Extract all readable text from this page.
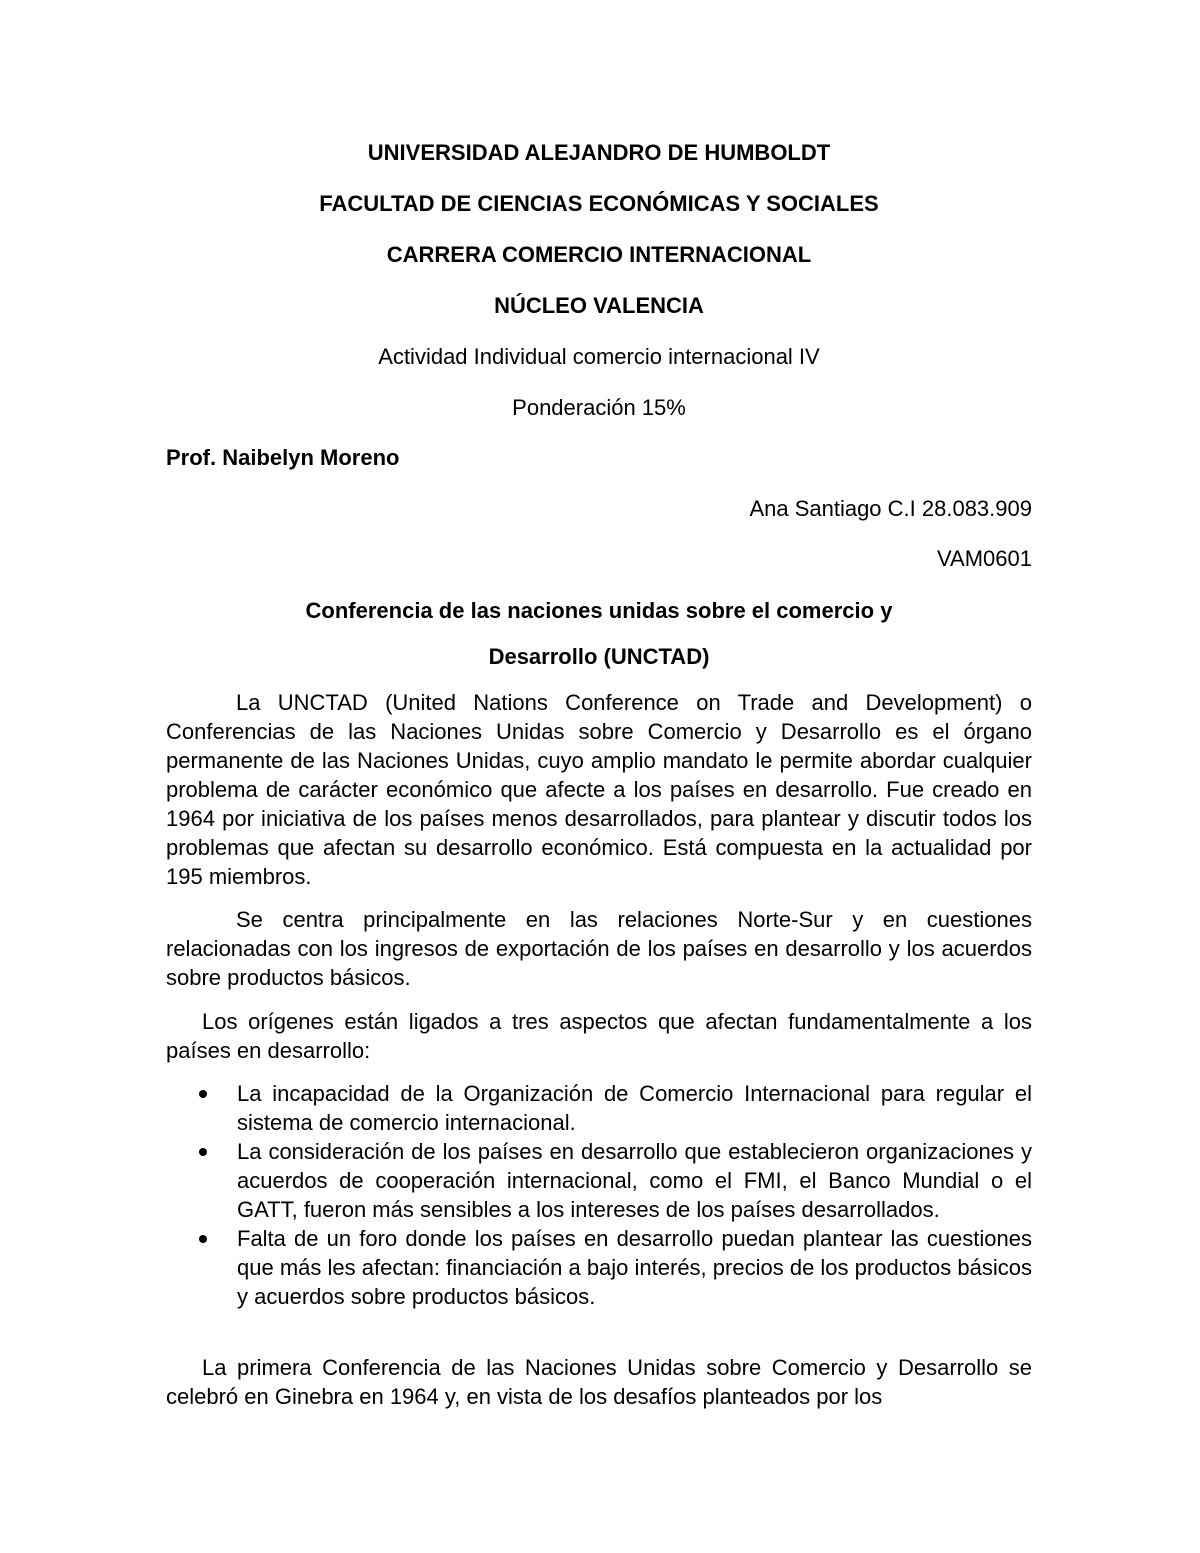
UNIVERSIDAD ALEJANDRO DE HUMBOLDT
FACULTAD DE CIENCIAS ECONÓMICAS Y SOCIALES
CARRERA COMERCIO INTERNACIONAL
NÚCLEO VALENCIA
Actividad Individual comercio internacional IV
Ponderación 15%
Prof. Naibelyn Moreno
Ana Santiago C.I 28.083.909
VAM0601
Conferencia de las naciones unidas sobre el comercio y
Desarrollo (UNCTAD)
La UNCTAD (United Nations Conference on Trade and Development) o Conferencias de las Naciones Unidas sobre Comercio y Desarrollo es el órgano permanente de las Naciones Unidas, cuyo amplio mandato le permite abordar cualquier problema de carácter económico que afecte a los países en desarrollo. Fue creado en 1964 por iniciativa de los países menos desarrollados, para plantear y discutir todos los problemas que afectan su desarrollo económico. Está compuesta en la actualidad por 195 miembros.
Se centra principalmente en las relaciones Norte-Sur y en cuestiones relacionadas con los ingresos de exportación de los países en desarrollo y los acuerdos sobre productos básicos.
Los orígenes están ligados a tres aspectos que afectan fundamentalmente a los países en desarrollo:
La incapacidad de la Organización de Comercio Internacional para regular el sistema de comercio internacional.
La consideración de los países en desarrollo que establecieron organizaciones y acuerdos de cooperación internacional, como el FMI, el Banco Mundial o el GATT, fueron más sensibles a los intereses de los países desarrollados.
Falta de un foro donde los países en desarrollo puedan plantear las cuestiones que más les afectan: financiación a bajo interés, precios de los productos básicos y acuerdos sobre productos básicos.
La primera Conferencia de las Naciones Unidas sobre Comercio y Desarrollo se celebró en Ginebra en 1964 y, en vista de los desafíos planteados por los
